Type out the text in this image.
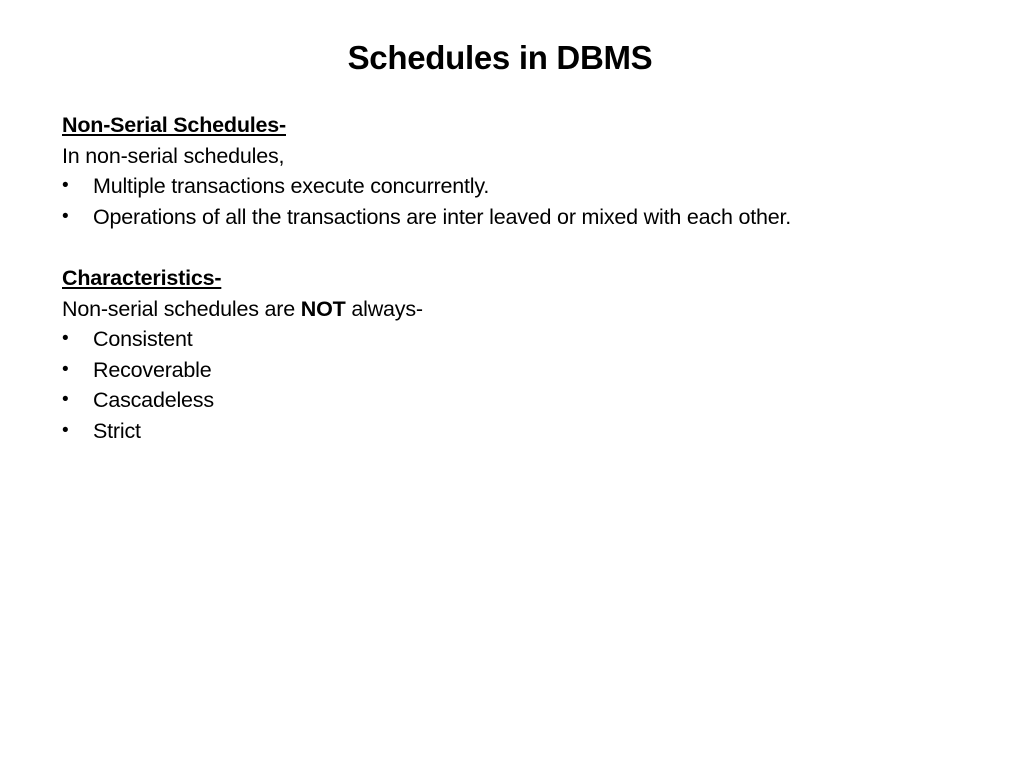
Schedules in DBMS
Non-Serial Schedules-
In non-serial schedules,
• Multiple transactions execute concurrently.
• Operations of all the transactions are inter leaved or mixed with each other.
Characteristics-
Non-serial schedules are NOT always-
• Consistent
• Recoverable
• Cascadeless
• Strict
